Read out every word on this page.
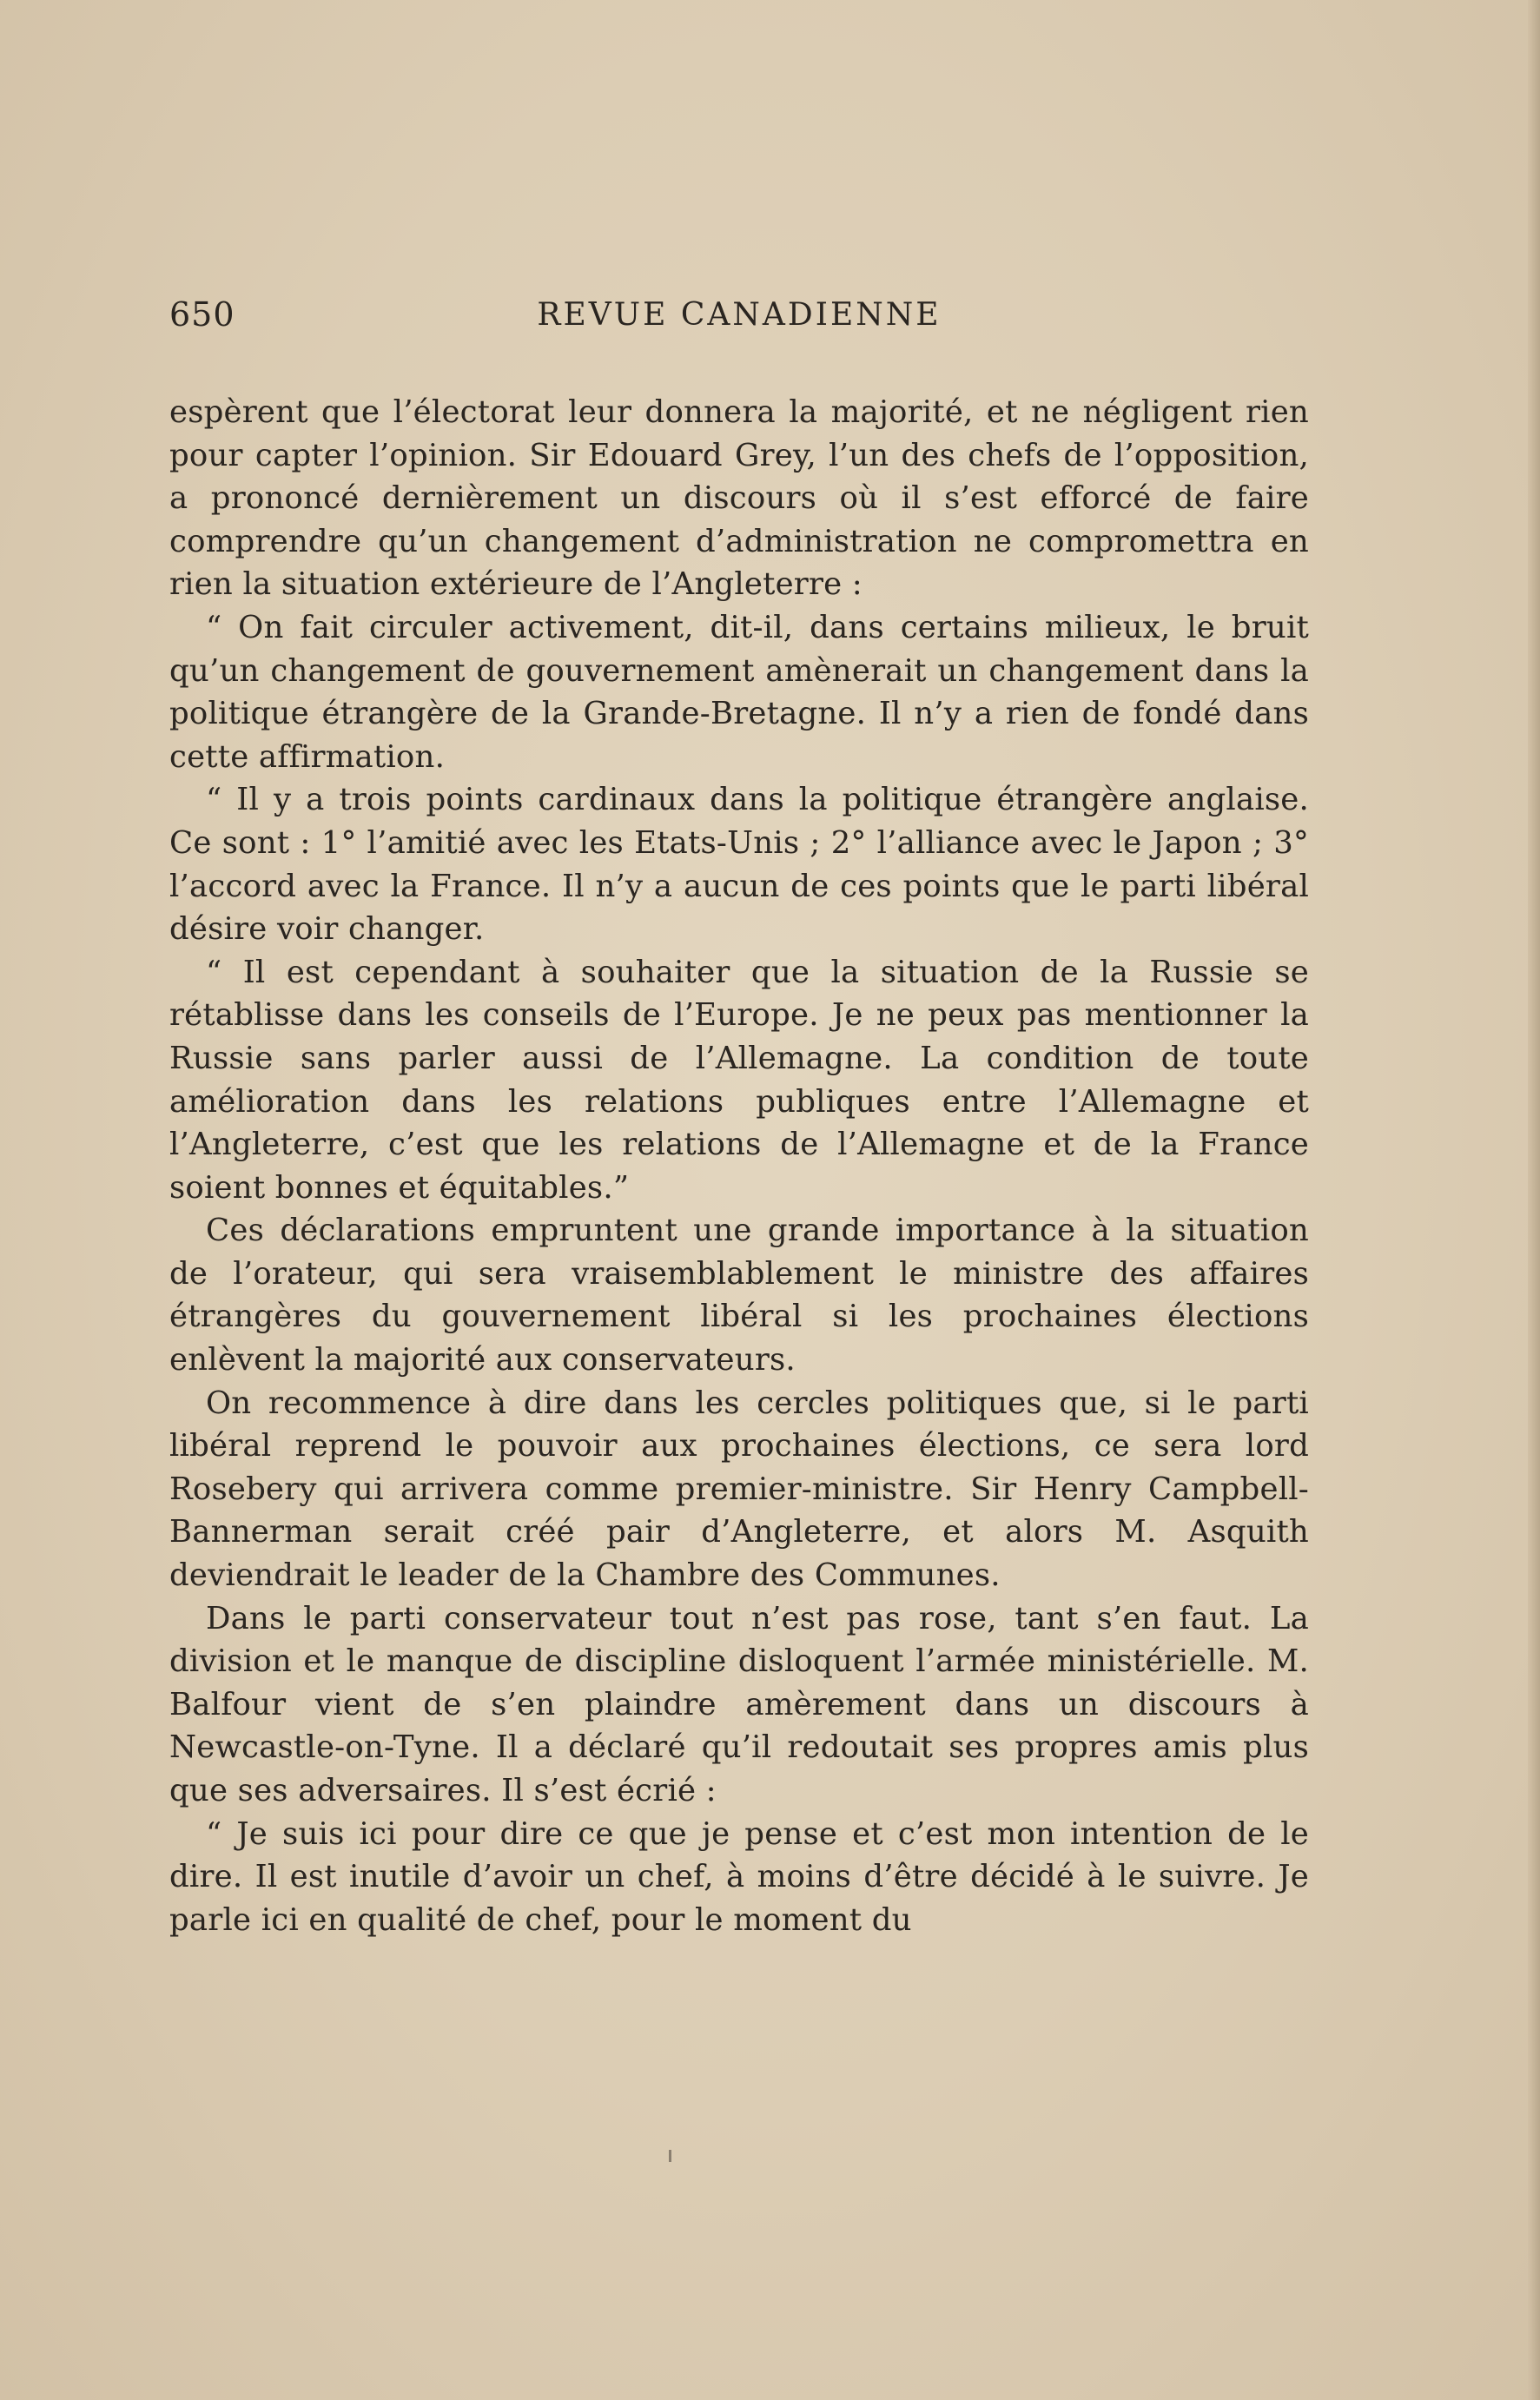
650	REVUE CANADIENNE

espèrent que l’électorat leur donnera la majorité, et ne négligent rien pour capter l’opinion. Sir Edouard Grey, l’un des chefs de l’opposition, a prononcé dernièrement un discours où il s’est efforcé de faire comprendre qu’un changement d’administration ne compromettra en rien la situation extérieure de l’Angleterre :

“ On fait circuler activement, dit-il, dans certains milieux, le bruit qu’un changement de gouvernement amènerait un changement dans la politique étrangère de la Grande-Bretagne. Il n’y a rien de fondé dans cette affirmation.

“ Il y a trois points cardinaux dans la politique étrangère anglaise. Ce sont : 1° l’amitié avec les Etats-Unis ; 2° l’alliance avec le Japon ; 3° l’accord avec la France. Il n’y a aucun de ces points que le parti libéral désire voir changer.

“ Il est cependant à souhaiter que la situation de la Russie se rétablisse dans les conseils de l’Europe. Je ne peux pas mentionner la Russie sans parler aussi de l’Allemagne. La condition de toute amélioration dans les relations publiques entre l’Allemagne et l’Angleterre, c’est que les relations de l’Allemagne et de la France soient bonnes et équitables.”

Ces déclarations empruntent une grande importance à la situation de l’orateur, qui sera vraisemblablement le ministre des affaires étrangères du gouvernement libéral si les prochaines élections enlèvent la majorité aux conservateurs.

On recommence à dire dans les cercles politiques que, si le parti libéral reprend le pouvoir aux prochaines élections, ce sera lord Rosebery qui arrivera comme premier-ministre. Sir Henry Campbell-Bannerman serait créé pair d’Angleterre, et alors M. Asquith deviendrait le leader de la Chambre des Communes.

Dans le parti conservateur tout n’est pas rose, tant s’en faut. La division et le manque de discipline disloquent l’armée ministérielle. M. Balfour vient de s’en plaindre amèrement dans un discours à Newcastle-on-Tyne. Il a déclaré qu’il redoutait ses propres amis plus que ses adversaires. Il s’est écrié :

“ Je suis ici pour dire ce que je pense et c’est mon intention de le dire. Il est inutile d’avoir un chef, à moins d’être décidé à le suivre. Je parle ici en qualité de chef, pour le moment du
